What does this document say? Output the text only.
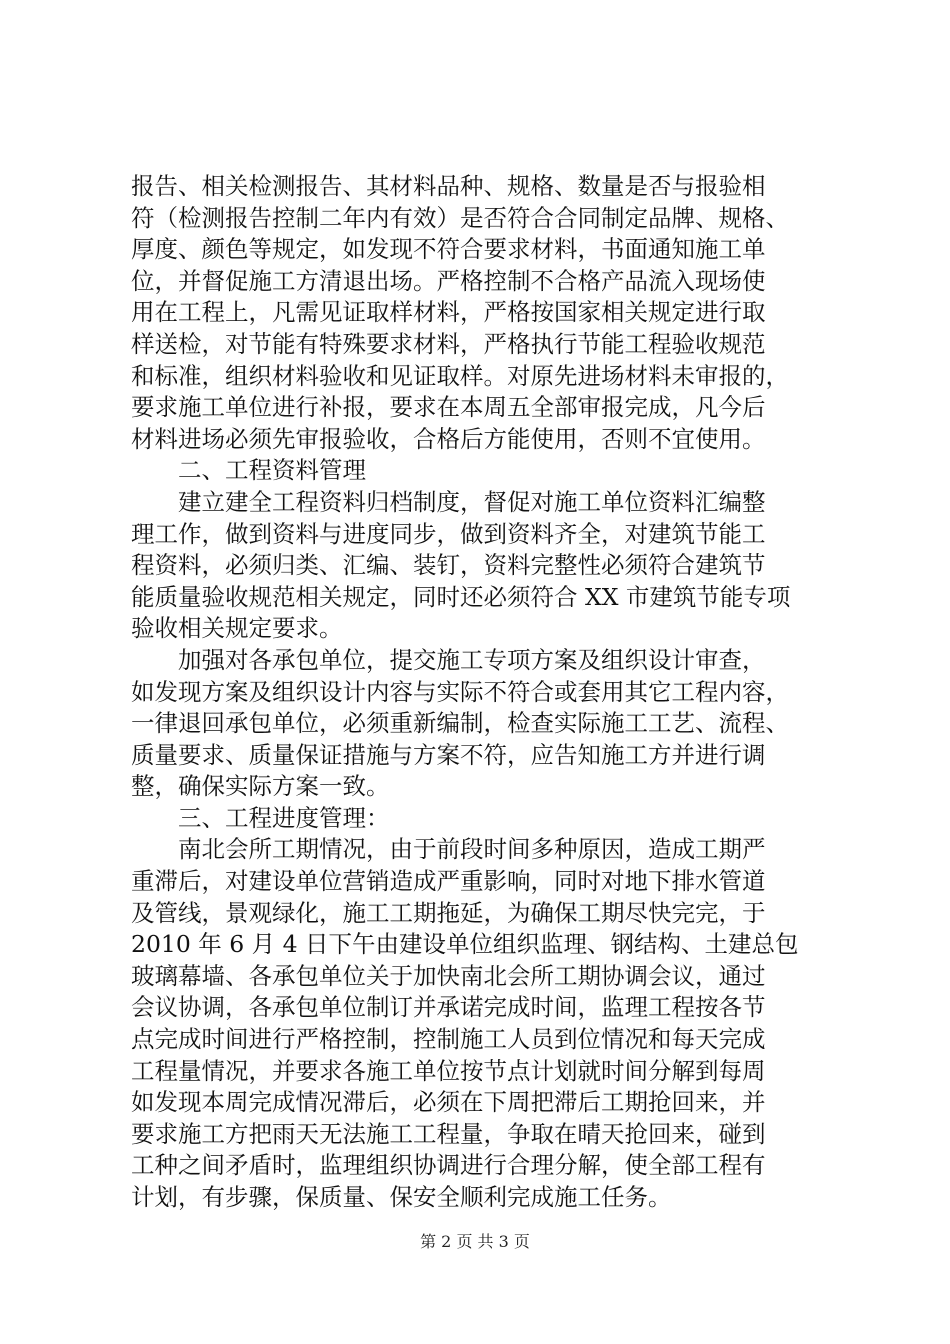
报告、相关检测报告、其材料品种、规格、数量是否与报验相
符（检测报告控制二年内有效）是否符合合同制定品牌、规格、
厚度、颜色等规定，如发现不符合要求材料，书面通知施工单
位，并督促施工方清退出场。严格控制不合格产品流入现场使
用在工程上，凡需见证取样材料，严格按国家相关规定进行取
样送检，对节能有特殊要求材料，严格执行节能工程验收规范
和标准，组织材料验收和见证取样。对原先进场材料未审报的，
要求施工单位进行补报，要求在本周五全部审报完成，凡今后
材料进场必须先审报验收，合格后方能使用，否则不宜使用。
　　二、工程资料管理
　　建立建全工程资料归档制度，督促对施工单位资料汇编整
理工作，做到资料与进度同步，做到资料齐全，对建筑节能工
程资料，必须归类、汇编、装钉，资料完整性必须符合建筑节
能质量验收规范相关规定，同时还必须符合 XX 市建筑节能专项
验收相关规定要求。
　　加强对各承包单位，提交施工专项方案及组织设计审查，
如发现方案及组织设计内容与实际不符合或套用其它工程内容，
一律退回承包单位，必须重新编制，检查实际施工工艺、流程、
质量要求、质量保证措施与方案不符，应告知施工方并进行调
整，确保实际方案一致。
　　三、工程进度管理：
　　南北会所工期情况，由于前段时间多种原因，造成工期严
重滞后，对建设单位营销造成严重影响，同时对地下排水管道
及管线，景观绿化，施工工期拖延，为确保工期尽快完完，于
2010 年 6 月 4 日下午由建设单位组织监理、钢结构、土建总包
玻璃幕墙、各承包单位关于加快南北会所工期协调会议，通过
会议协调，各承包单位制订并承诺完成时间，监理工程按各节
点完成时间进行严格控制，控制施工人员到位情况和每天完成
工程量情况，并要求各施工单位按节点计划就时间分解到每周
如发现本周完成情况滞后，必须在下周把滞后工期抢回来，并
要求施工方把雨天无法施工工程量，争取在晴天抢回来，碰到
工种之间矛盾时，监理组织协调进行合理分解，使全部工程有
计划，有步骤，保质量、保安全顺利完成施工任务。
第 2 页 共 3 页
